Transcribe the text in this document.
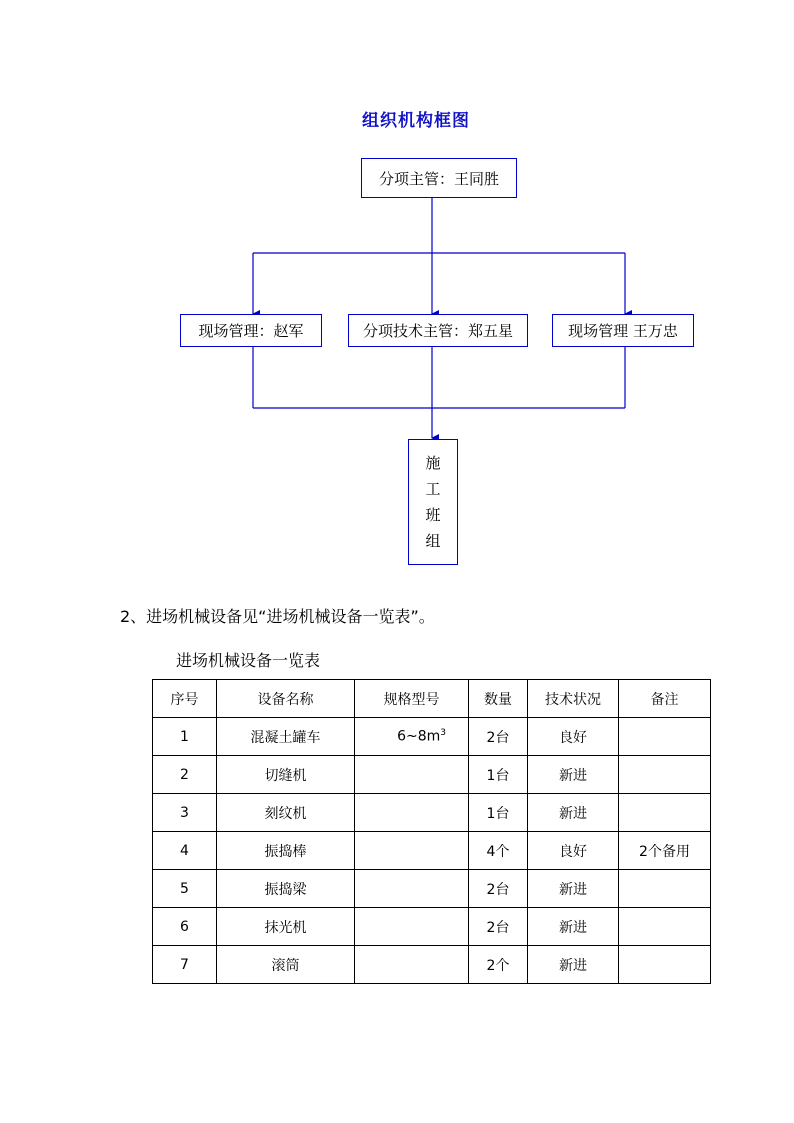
组织机构框图
分项主管：王同胜
现场管理：赵军	分项技术主管：郑五星	现场管理 王万忠
施
工
班
组
2、进场机械设备见“进场机械设备一览表”。
进场机械设备一览表
序号	设备名称	规格型号	数量	技术状况	备注
1	混凝土罐车	$6\sim 8m^3$	2台	良好	
2	切缝机		1台	新进	
3	刻纹机		1台	新进	
4	振捣棒		4个	良好	2个备用
5	振捣梁		2台	新进	
6	抹光机		2台	新进	
7	滚筒		2个	新进	
